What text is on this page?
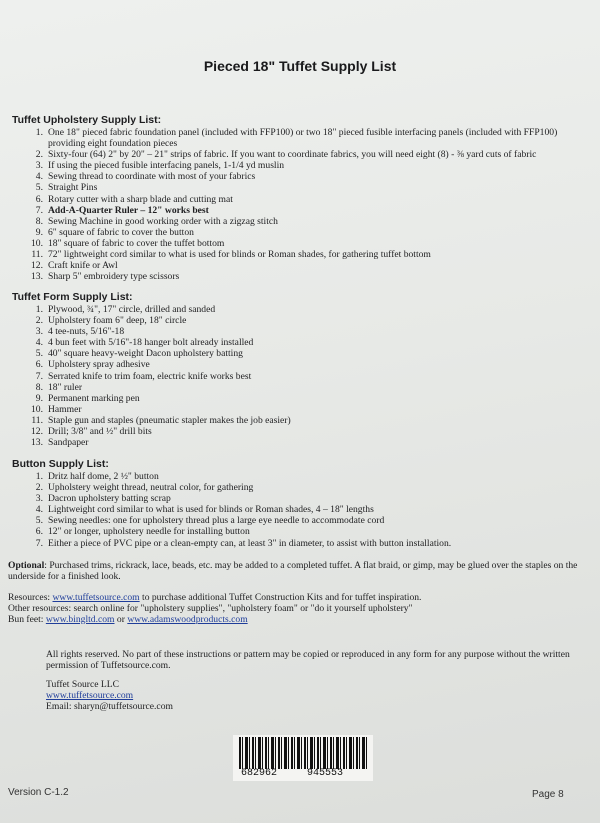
Pieced 18" Tuffet Supply List
Tuffet Upholstery Supply List:
1. One 18" pieced fabric foundation panel (included with FFP100) or two 18" pieced fusible interfacing panels (included with FFP100) providing eight foundation pieces
2. Sixty-four (64) 2" by 20" – 21" strips of fabric. If you want to coordinate fabrics, you will need eight (8) - ⅜ yard cuts of fabric
3. If using the pieced fusible interfacing panels, 1-1/4 yd muslin
4. Sewing thread to coordinate with most of your fabrics
5. Straight Pins
6. Rotary cutter with a sharp blade and cutting mat
7. Add-A-Quarter Ruler – 12" works best
8. Sewing Machine in good working order with a zigzag stitch
9. 6" square of fabric to cover the button
10. 18" square of fabric to cover the tuffet bottom
11. 72" lightweight cord similar to what is used for blinds or Roman shades, for gathering tuffet bottom
12. Craft knife or Awl
13. Sharp 5" embroidery type scissors
Tuffet Form Supply List:
1. Plywood, ¾", 17" circle, drilled and sanded
2. Upholstery foam 6" deep, 18" circle
3. 4 tee-nuts, 5/16"-18
4. 4 bun feet with 5/16"-18 hanger bolt already installed
5. 40" square heavy-weight Dacon upholstery batting
6. Upholstery spray adhesive
7. Serrated knife to trim foam, electric knife works best
8. 18" ruler
9. Permanent marking pen
10. Hammer
11. Staple gun and staples (pneumatic stapler makes the job easier)
12. Drill; 3/8" and ½" drill bits
13. Sandpaper
Button Supply List:
1. Dritz half dome, 2 ½" button
2. Upholstery weight thread, neutral color, for gathering
3. Dacron upholstery batting scrap
4. Lightweight cord similar to what is used for blinds or Roman shades, 4 – 18" lengths
5. Sewing needles: one for upholstery thread plus a large eye needle to accommodate cord
6. 12" or longer, upholstery needle for installing button
7. Either a piece of PVC pipe or a clean-empty can, at least 3" in diameter, to assist with button installation.

Optional: Purchased trims, rickrack, lace, beads, etc. may be added to a completed tuffet. A flat braid, or gimp, may be glued over the staples on the underside for a finished look.

Resources: www.tuffetsource.com to purchase additional Tuffet Construction Kits and for tuffet inspiration.

Other resources: search online for "upholstery supplies", "upholstery foam" or "do it yourself upholstery"

Bun feet: www.bingltd.com or www.adamswoodproducts.com

All rights reserved. No part of these instructions or pattern may be copied or reproduced in any form for any purpose without the written permission of Tuffetsource.com.
Tuffet Source LLC
www.tuffetsource.com
Email: sharyn@tuffetsource.com
682962	945553
Version C-1.2	Page 8
